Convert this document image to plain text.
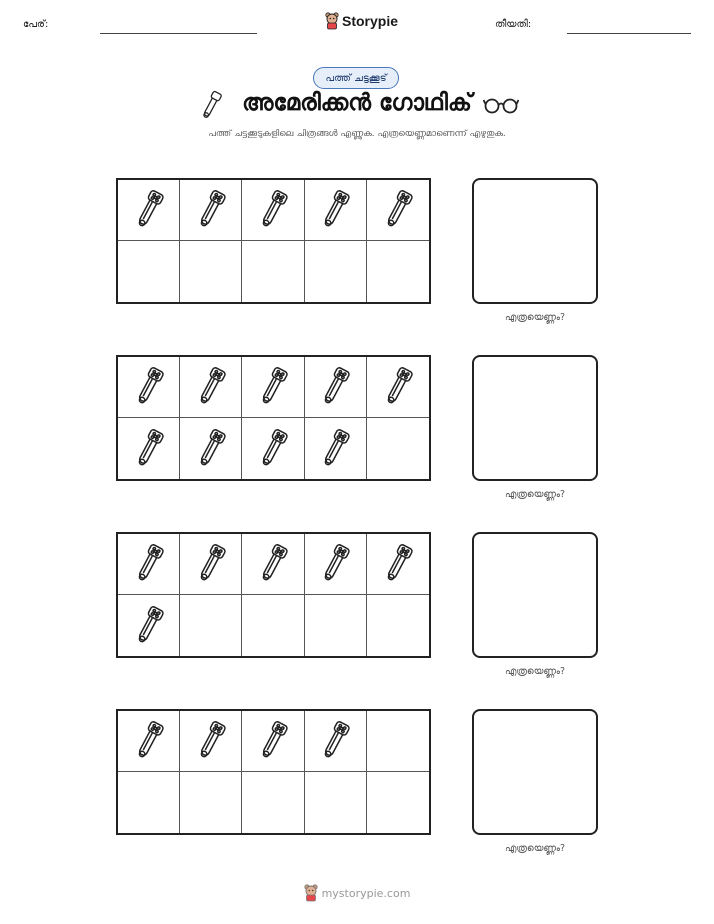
പേര്:	Storypie	തീയതി:
പത്ത് ചട്ടക്കൂട്
അമേരിക്കൻ ഗോഥിക്
പത്ത് ചട്ടക്കൂടുകളിലെ ചിത്രങ്ങൾ എണ്ണുക. എത്രയെണ്ണമാണെന്ന് എഴുതുക.
എത്രയെണ്ണം?
എത്രയെണ്ണം?
എത്രയെണ്ണം?
എത്രയെണ്ണം?
mystorypie.com
